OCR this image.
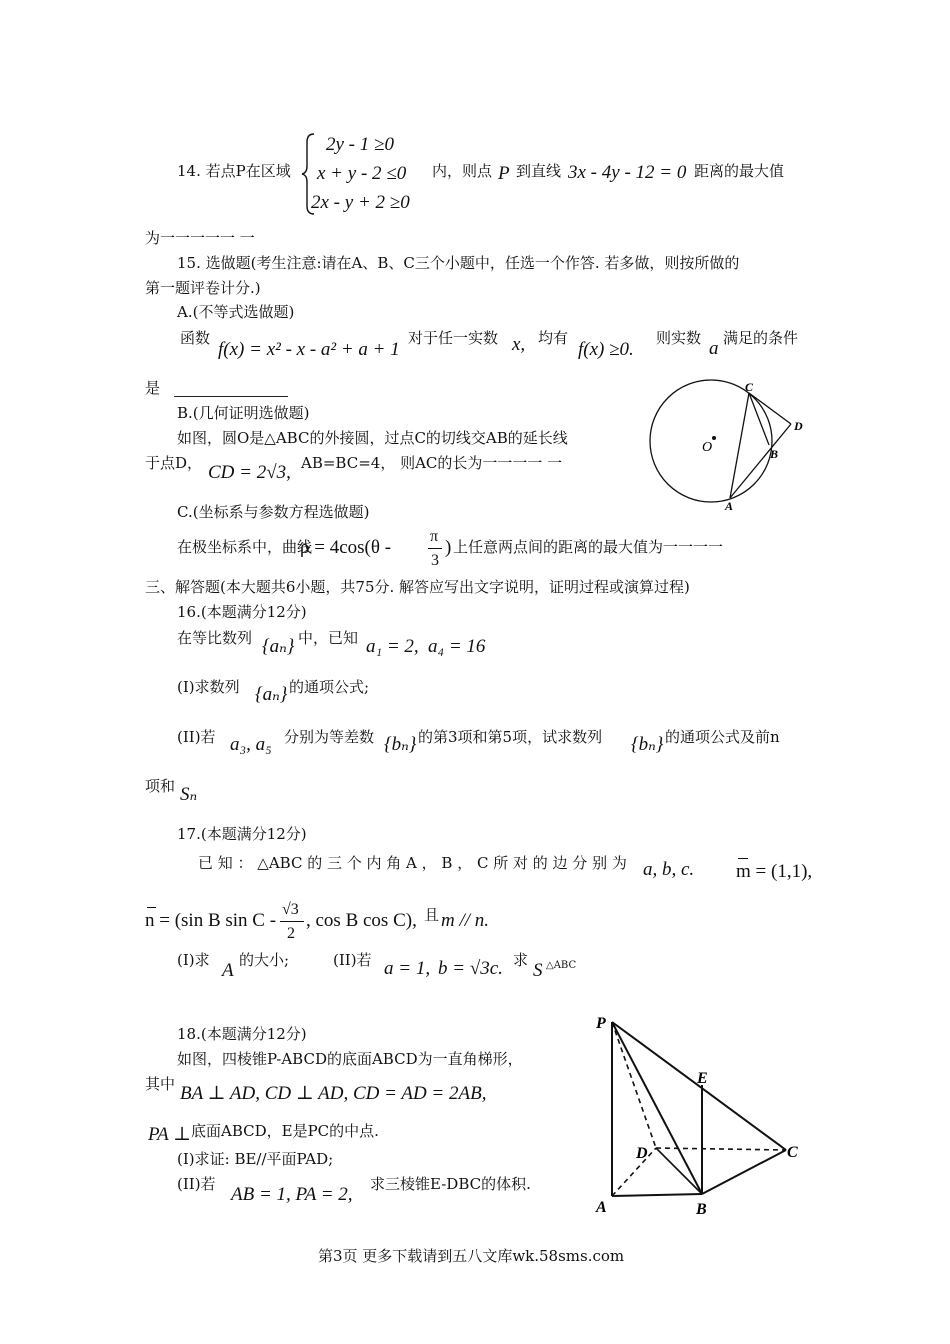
14. 若点P在区域
2y - 1 ≥0
x + y - 2 ≤0
2x - y + 2 ≥0
内，则点 P 到直线 3x - 4y - 12 = 0 距离的最大值
为一一一一一 一
15. 选做题(考生注意:请在A、B、C三个小题中，任选一个作答. 若多做，则按所做的
第一题评卷计分.)
A.(不等式选做题)
函数
f(x) = x² - x - a² + a + 1
对于任一实数 x, 均有
f(x) ≥0.
则实数 a 满足的条件
是
B.(几何证明选做题)
如图，圆O是△ABC的外接圆，过点C的切线交AB的延长线
于点D， CD = 2√3, AB=BC=4， 则AC的长为一一一一 一
C
D
O	B
A
C.(坐标系与参数方程选做题)
在极坐标系中，曲线
ρ = 4cos(θ -
π
3
) 上任意两点间的距离的最大值为一一一一
三、解答题(本大题共6小题，共75分. 解答应写出文字说明，证明过程或演算过程)
16.(本题满分12分)
在等比数列 {aₙ} 中，已知 a₁ = 2, a₄ = 16
(I)求数列 {aₙ} 的通项公式;
(II)若 a₃, a₅ 分别为等差数 {bₙ} 的第3项和第5项，试求数列 {bₙ} 的通项公式及前n
项和 Sₙ
17.(本题满分12分)
已 知 ： △ABC 的 三 个 内 角 A ， B ， C 所 对 的 边 分 别 为 a, b, c. m = (1,1),
n = (sin B sin C -
√3
2
, cos B cos C), 且 m // n.
(I)求 A 的大小;	(II)若 a = 1, b = √3c. 求 S △ABC
18.(本题满分12分)
如图，四棱锥P-ABCD的底面ABCD为一直角梯形，
其中 BA ⊥ AD, CD ⊥ AD, CD = AD = 2AB,
PA ⊥ 底面ABCD，E是PC的中点.
(I)求证: BE//平面PAD;
(II)若 AB = 1, PA = 2, 求三棱锥E-DBC的体积.
P
E
D	C
A	B
第3页 更多下载请到五八文库wk.58sms.com
